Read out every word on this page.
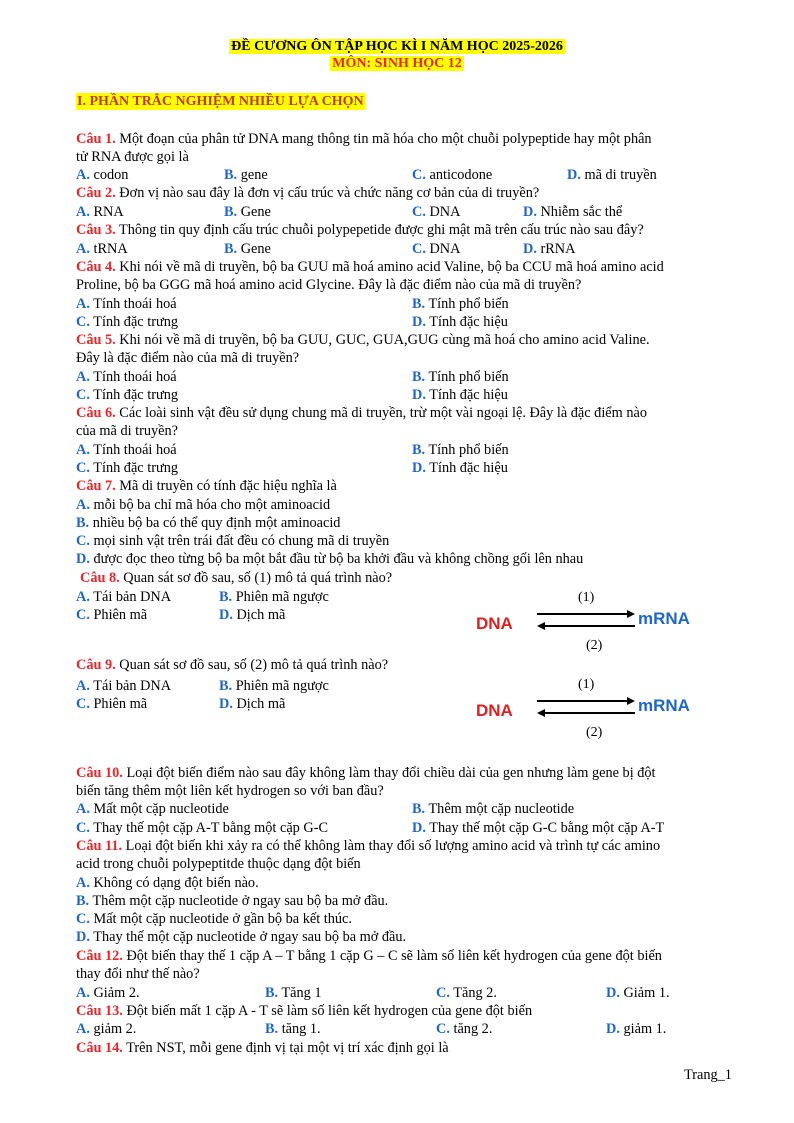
ĐỀ CƯƠNG ÔN TẬP HỌC KÌ I NĂM HỌC 2025-2026
MÔN: SINH HỌC 12
I. PHẦN TRẮC NGHIỆM NHIỀU LỰA CHỌN
Câu 1. Một đoạn của phân tử DNA mang thông tin mã hóa cho một chuỗi polypeptide hay một phân
tử RNA được gọi là
A. codon	B. gene	C. anticodone	D. mã di truyền
Câu 2. Đơn vị nào sau đây là đơn vị cấu trúc và chức năng cơ bản của di truyền?
A. RNA	B. Gene	C. DNA	D. Nhiễm sắc thể
Câu 3. Thông tin quy định cấu trúc chuỗi polypepetide được ghi mật mã trên cấu trúc nào sau đây?
A. tRNA	B. Gene	C. DNA	D. rRNA
Câu 4. Khi nói về mã di truyền, bộ ba GUU mã hoá amino acid Valine, bộ ba CCU mã hoá amino acid
Proline, bộ ba GGG mã hoá amino acid Glycine. Đây là đặc điểm nào của mã di truyền?
A. Tính thoái hoá	B. Tính phổ biến
C. Tính đặc trưng	D. Tính đặc hiệu
Câu 5. Khi nói về mã di truyền, bộ ba GUU, GUC, GUA,GUG cùng mã hoá cho amino acid Valine.
Đây là đặc điểm nào của mã di truyền?
A. Tính thoái hoá	B. Tính phổ biến
C. Tính đặc trưng	D. Tính đặc hiệu
Câu 6. Các loài sinh vật đều sử dụng chung mã di truyền, trừ một vài ngoại lệ. Đây là đặc điểm nào
của mã di truyền?
A. Tính thoái hoá	B. Tính phổ biến
C. Tính đặc trưng	D. Tính đặc hiệu
Câu 7. Mã di truyền có tính đặc hiệu nghĩa là
A. mỗi bộ ba chỉ mã hóa cho một aminoacid
B. nhiều bộ ba có thể quy định một aminoacid
C. mọi sinh vật trên trái đất đều có chung mã di truyền
D. được đọc theo từng bộ ba một bắt đầu từ bộ ba khởi đầu và không chồng gối lên nhau
Câu 8. Quan sát sơ đồ sau, số (1) mô tả quá trình nào?
A. Tái bản DNA	B. Phiên mã ngược
C. Phiên mã	D. Dịch mã
(1)
DNA	mRNA
(2)
Câu 9. Quan sát sơ đồ sau, số (2) mô tả quá trình nào?
A. Tái bản DNA	B. Phiên mã ngược
C. Phiên mã	D. Dịch mã
(1)
DNA	mRNA
(2)
Câu 10. Loại đột biến điểm nào sau đây không làm thay đổi chiều dài của gen nhưng làm gene bị đột
biến tăng thêm một liên kết hydrogen so với ban đầu?
A. Mất một cặp nucleotide	B. Thêm một cặp nucleotide
C. Thay thế một cặp A-T bằng một cặp G-C	D. Thay thế một cặp G-C bằng một cặp A-T
Câu 11. Loại đột biến khi xảy ra có thể không làm thay đổi số lượng amino acid và trình tự các amino
acid trong chuỗi polypeptitde thuộc dạng đột biến
A. Không có dạng đột biến nào.
B. Thêm một cặp nucleotide ở ngay sau bộ ba mở đầu.
C. Mất một cặp nucleotide ở gần bộ ba kết thúc.
D. Thay thế một cặp nucleotide ở ngay sau bộ ba mở đầu.
Câu 12. Đột biến thay thế 1 cặp A – T bằng 1 cặp G – C sẽ làm số liên kết hydrogen của gene đột biến
thay đổi như thế nào?
A. Giảm 2.	B. Tăng 1	C. Tăng 2.	D. Giảm 1.
Câu 13. Đột biến mất 1 cặp A - T sẽ làm số liên kết hydrogen của gene đột biến
A. giảm 2.	B. tăng 1.	C. tăng 2.	D. giảm 1.
Câu 14. Trên NST, mỗi gene định vị tại một vị trí xác định gọi là
Trang_1
